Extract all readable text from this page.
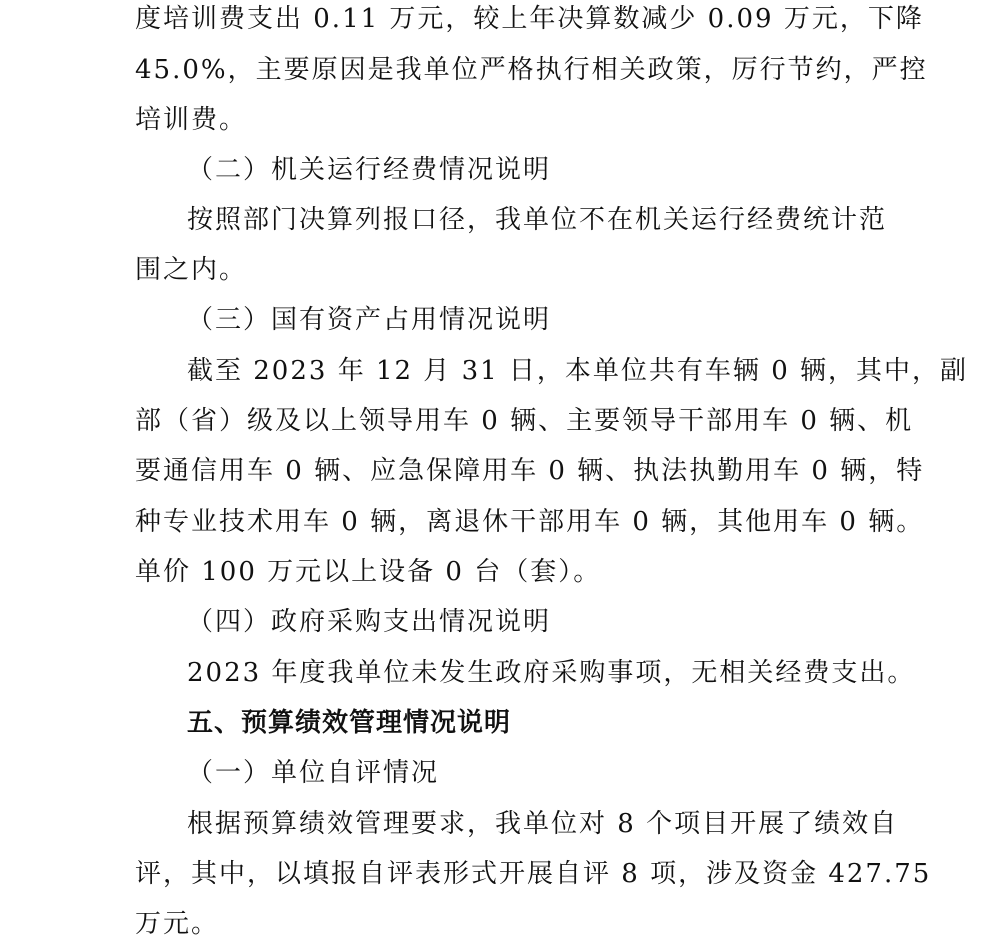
度培训费支出 0.11 万元，较上年决算数减少 0.09 万元，下降
45.0%，主要原因是我单位严格执行相关政策，厉行节约，严控
培训费。
（二）机关运行经费情况说明
按照部门决算列报口径，我单位不在机关运行经费统计范
围之内。
（三）国有资产占用情况说明
截至 2023 年 12 月 31 日，本单位共有车辆 0 辆，其中，副
部（省）级及以上领导用车 0 辆、主要领导干部用车 0 辆、机
要通信用车 0 辆、应急保障用车 0 辆、执法执勤用车 0 辆，特
种专业技术用车 0 辆，离退休干部用车 0 辆，其他用车 0 辆。
单价 100 万元以上设备 0 台（套）。
（四）政府采购支出情况说明
2023 年度我单位未发生政府采购事项，无相关经费支出。
五、预算绩效管理情况说明
（一）单位自评情况
根据预算绩效管理要求，我单位对 8 个项目开展了绩效自
评，其中，以填报自评表形式开展自评 8 项，涉及资金 427.75
万元。
